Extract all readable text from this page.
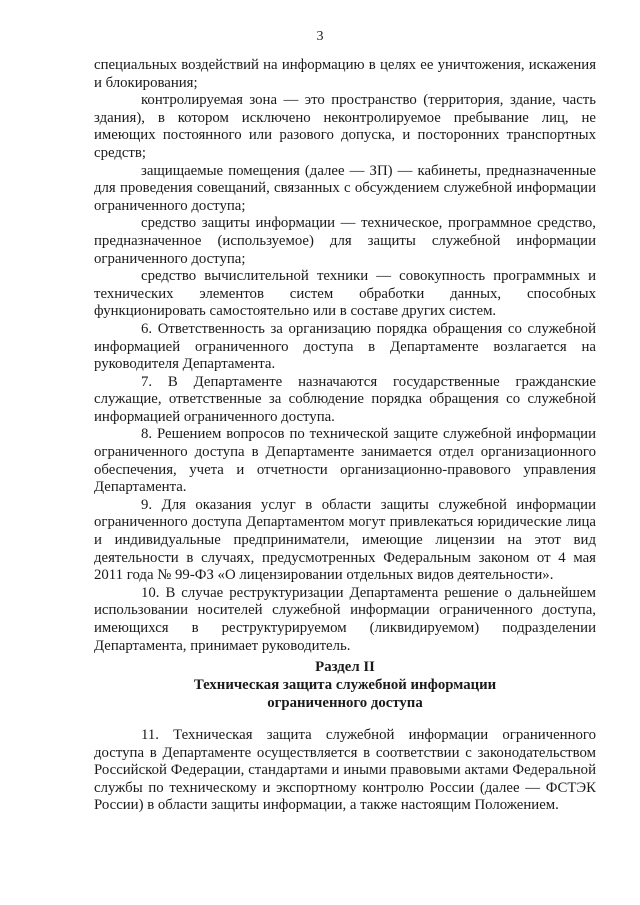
3

специальных воздействий на информацию в целях ее уничтожения, искажения и блокирования;

контролируемая зона — это пространство (территория, здание, часть здания), в котором исключено неконтролируемое пребывание лиц, не имеющих постоянного или разового допуска, и посторонних транспортных средств;

защищаемые помещения (далее — ЗП) — кабинеты, предназначенные для проведения совещаний, связанных с обсуждением служебной информации ограниченного доступа;

средство защиты информации — техническое, программное средство, предназначенное (используемое) для защиты служебной информации ограниченного доступа;

средство вычислительной техники — совокупность программных и технических элементов систем обработки данных, способных функционировать самостоятельно или в составе других систем.

6. Ответственность за организацию порядка обращения со служебной информацией ограниченного доступа в Департаменте возлагается на руководителя Департамента.

7. В Департаменте назначаются государственные гражданские служащие, ответственные за соблюдение порядка обращения со служебной информацией ограниченного доступа.

8. Решением вопросов по технической защите служебной информации ограниченного доступа в Департаменте занимается отдел организационного обеспечения, учета и отчетности организационно-правового управления Департамента.

9. Для оказания услуг в области защиты служебной информации ограниченного доступа Департаментом могут привлекаться юридические лица и индивидуальные предприниматели, имеющие лицензии на этот вид деятельности в случаях, предусмотренных Федеральным законом от 4 мая 2011 года № 99-ФЗ «О лицензировании отдельных видов деятельности».

10. В случае реструктуризации Департамента решение о дальнейшем использовании носителей служебной информации ограниченного доступа, имеющихся в реструктурируемом (ликвидируемом) подразделении Департамента, принимает руководитель.

Раздел II
Техническая защита служебной информации
ограниченного доступа

11. Техническая защита служебной информации ограниченного доступа в Департаменте осуществляется в соответствии с законодательством Российской Федерации, стандартами и иными правовыми актами Федеральной службы по техническому и экспортному контролю России (далее — ФСТЭК России) в области защиты информации, а также настоящим Положением.
